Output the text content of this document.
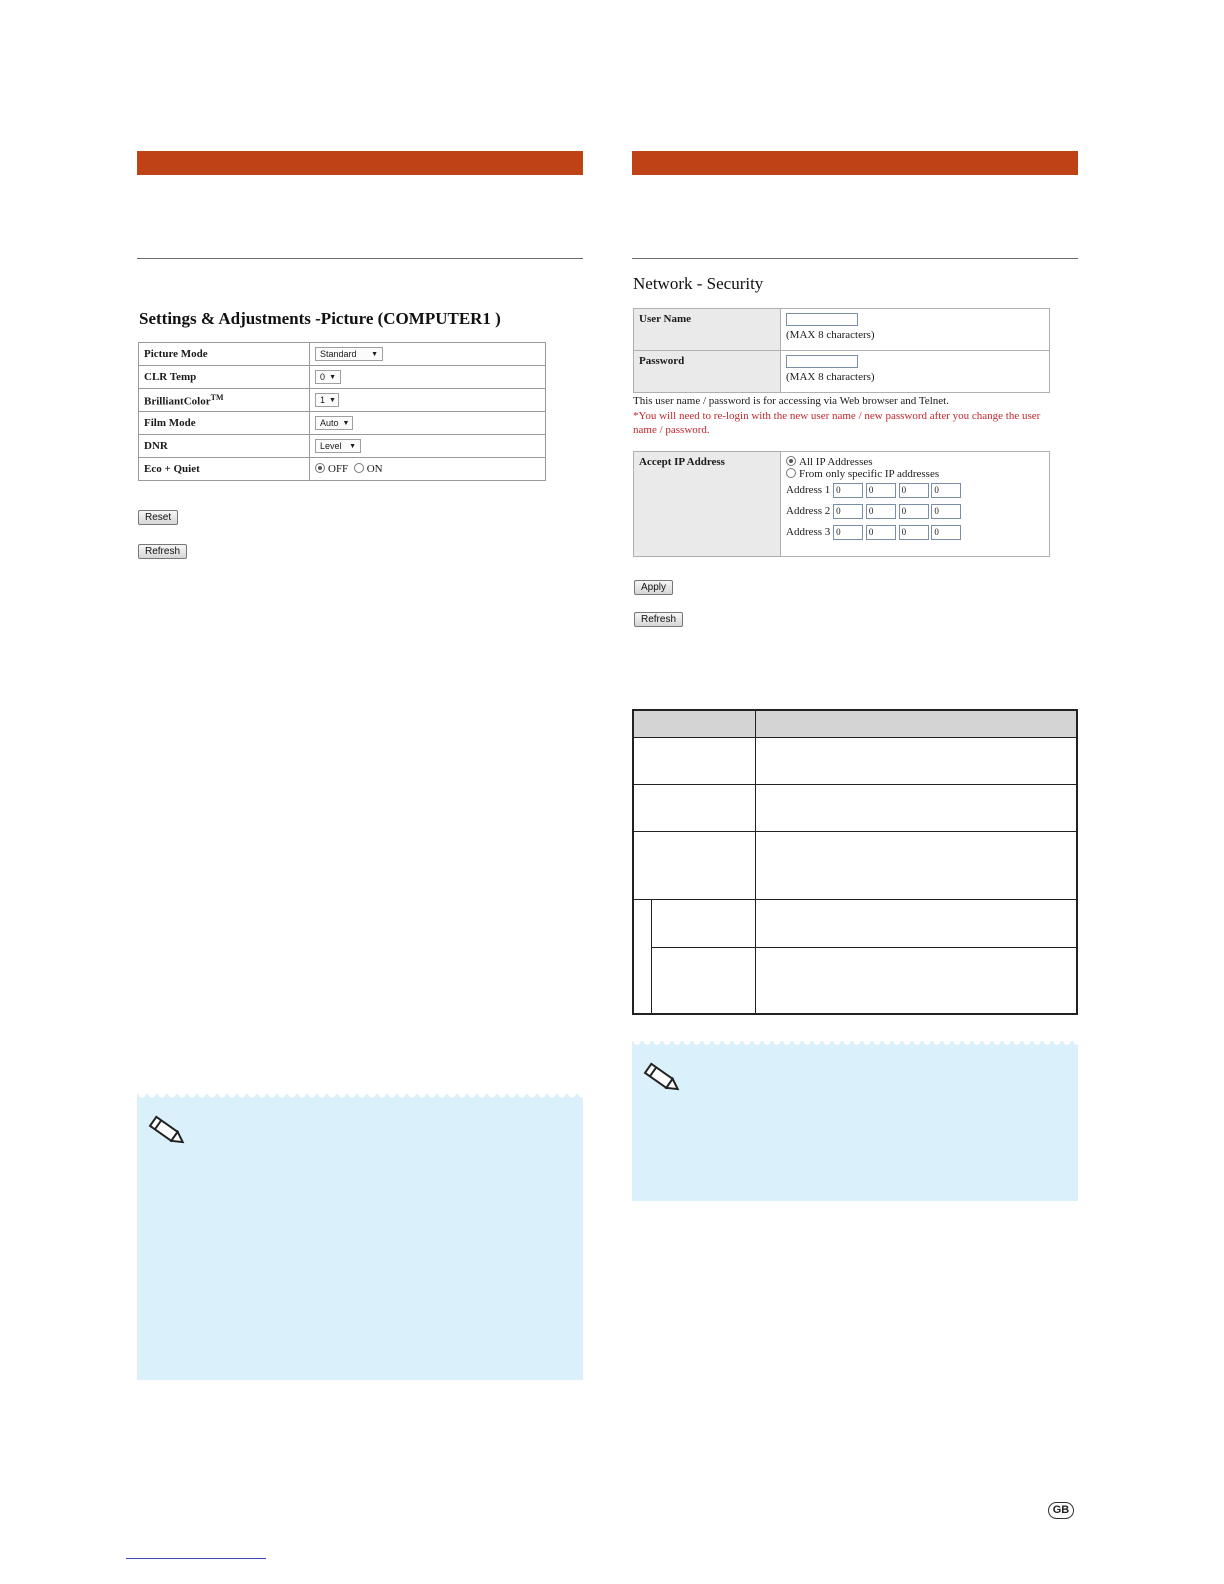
Settings & Adjustments -Picture (COMPUTER1 )
Picture Mode	Standard ▼

CLR Temp	0 ▼

BrilliantColor™	1 ▼

Film Mode	Auto ▼

DNR	Level ▼

Eco + Quiet	OFF ON
Reset
Refresh
Network - Security
User Name	(MAX 8 characters)
Password	(MAX 8 characters)
This user name / password is for accessing via Web browser and Telnet.
*You will need to re-login with the new user name / new password after you change the user name / password.
Accept IP Address	All IP Addresses
From only specific IP addresses
Address 1 0	0	0	0
Address 2 0	0	0	0
Address 3 0	0	0	0
Apply
Refresh
GB
